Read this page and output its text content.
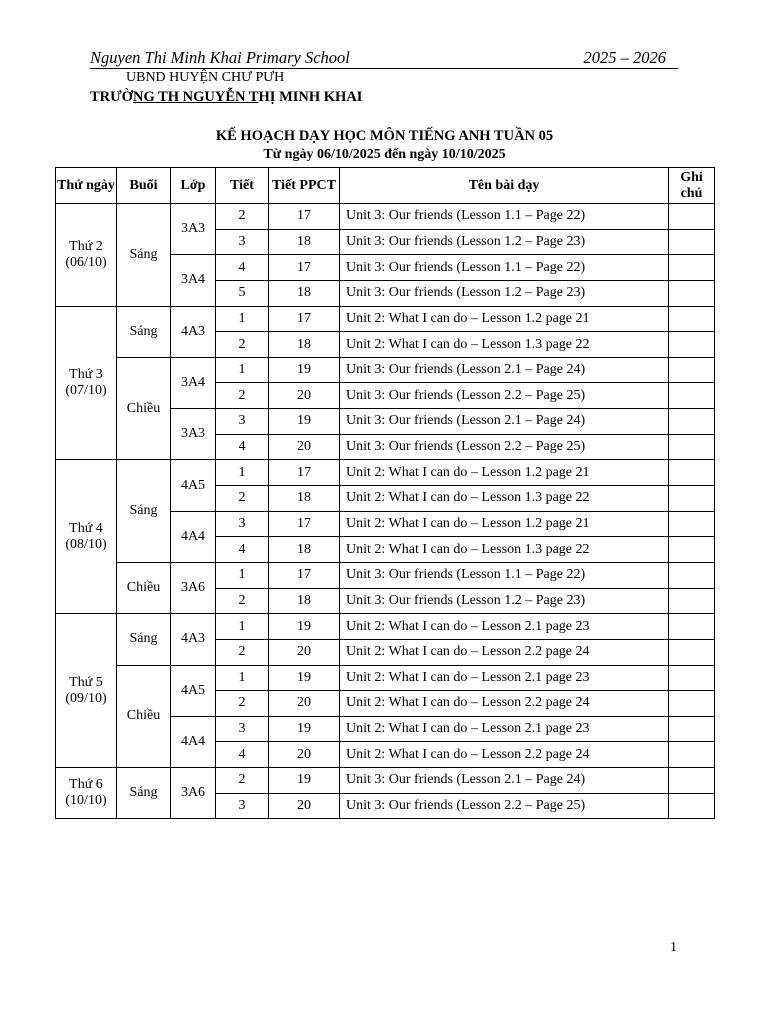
Nguyen Thi Minh Khai Primary School	2025 – 2026
UBND HUYỆN CHƯ PƯH
TRƯỜNG TH NGUYỄN THỊ MINH KHAI
KẾ HOẠCH DẠY HỌC MÔN TIẾNG ANH TUẦN 05
Từ ngày 06/10/2025 đến ngày 10/10/2025
Thứ ngày	Buổi	Lớp	Tiết	Tiết PPCT	Tên bài dạy	Ghi chú
Thứ 2 (06/10)	Sáng	3A3	2	17	Unit 3: Our friends (Lesson 1.1 – Page 22)	
			3	18	Unit 3: Our friends (Lesson 1.2 – Page 23)	
		3A4	4	17	Unit 3: Our friends (Lesson 1.1 – Page 22)	
			5	18	Unit 3: Our friends (Lesson 1.2 – Page 23)	
Thứ 3 (07/10)	Sáng	4A3	1	17	Unit 2: What I can do – Lesson 1.2 page 21	
			2	18	Unit 2: What I can do – Lesson 1.3 page 22	
	Chiều	3A4	1	19	Unit 3: Our friends (Lesson 2.1 – Page 24)	
			2	20	Unit 3: Our friends (Lesson 2.2 – Page 25)	
		3A3	3	19	Unit 3: Our friends (Lesson 2.1 – Page 24)	
			4	20	Unit 3: Our friends (Lesson 2.2 – Page 25)	
Thứ 4 (08/10)	Sáng	4A5	1	17	Unit 2: What I can do – Lesson 1.2 page 21	
			2	18	Unit 2: What I can do – Lesson 1.3 page 22	
		4A4	3	17	Unit 2: What I can do – Lesson 1.2 page 21	
			4	18	Unit 2: What I can do – Lesson 1.3 page 22	
	Chiều	3A6	1	17	Unit 3: Our friends (Lesson 1.1 – Page 22)	
			2	18	Unit 3: Our friends (Lesson 1.2 – Page 23)	
Thứ 5 (09/10)	Sáng	4A3	1	19	Unit 2: What I can do – Lesson 2.1 page 23	
			2	20	Unit 2: What I can do – Lesson 2.2 page 24	
	Chiều	4A5	1	19	Unit 2: What I can do – Lesson 2.1 page 23	
			2	20	Unit 2: What I can do – Lesson 2.2 page 24	
		4A4	3	19	Unit 2: What I can do – Lesson 2.1 page 23	
			4	20	Unit 2: What I can do – Lesson 2.2 page 24	
Thứ 6 (10/10)	Sáng	3A6	2	19	Unit 3: Our friends (Lesson 2.1 – Page 24)	
			3	20	Unit 3: Our friends (Lesson 2.2 – Page 25)	
1
